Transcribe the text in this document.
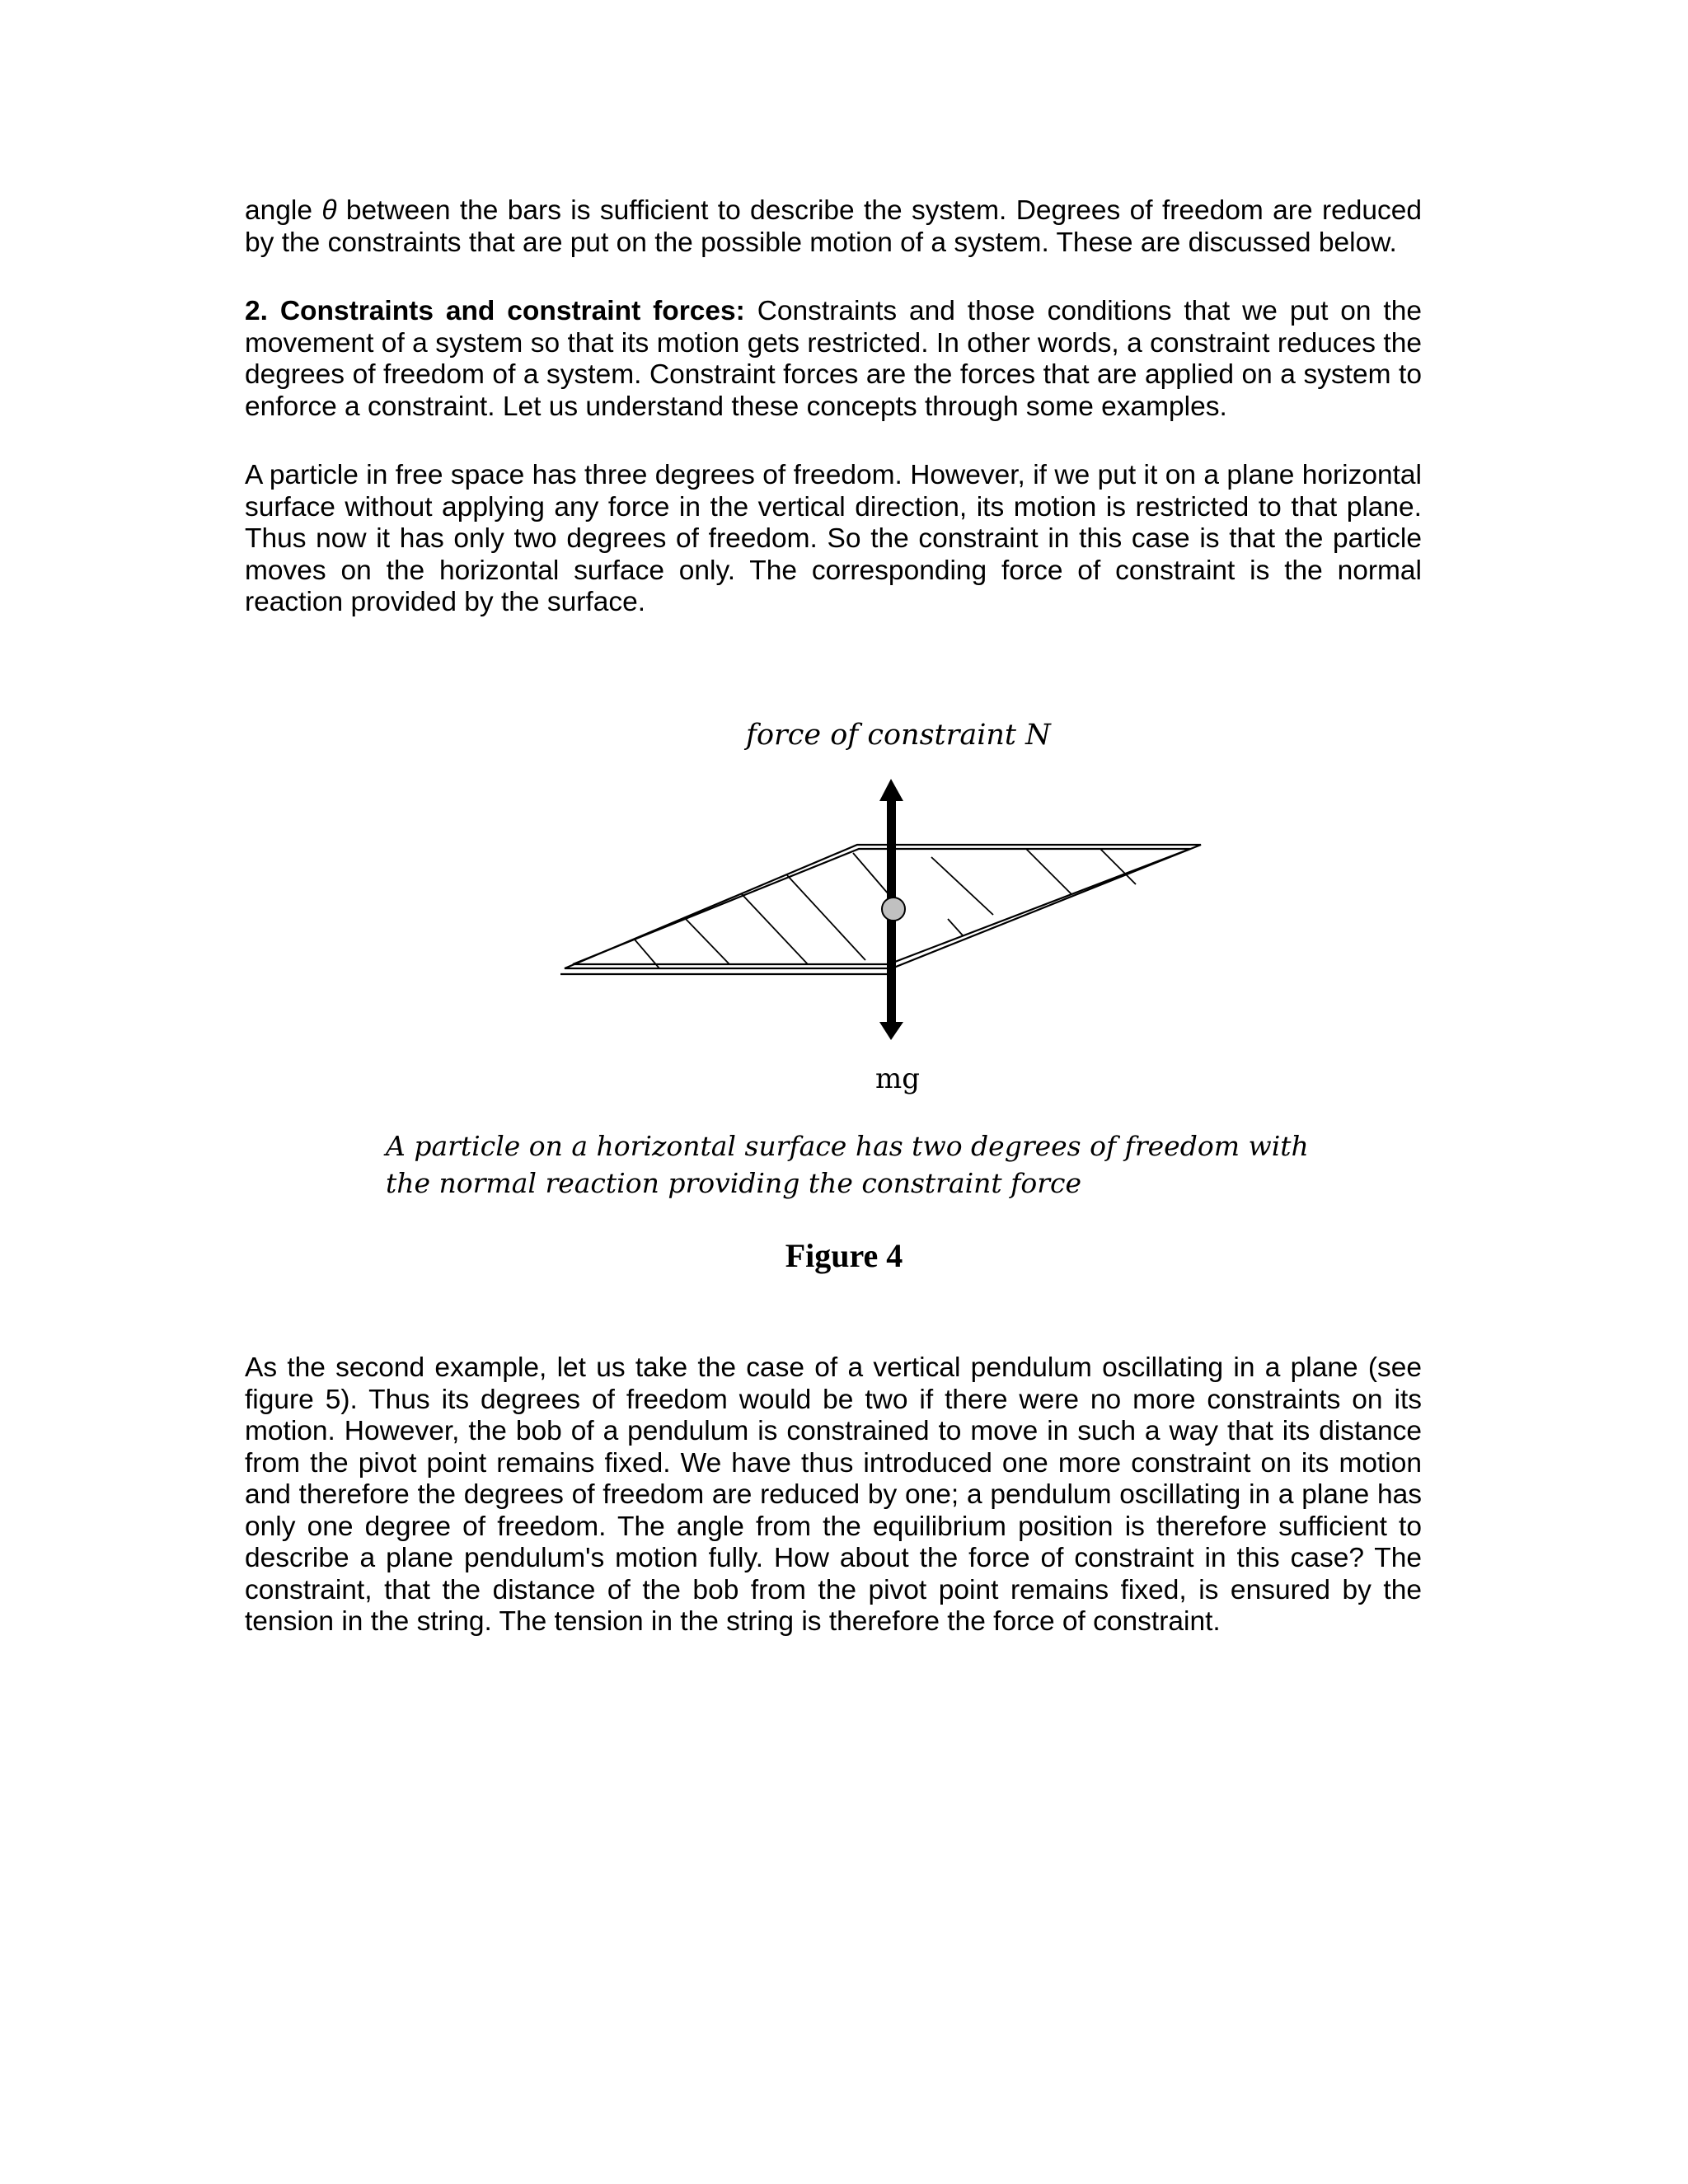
angle θ between the bars is sufficient to describe the system. Degrees of freedom are reduced by the constraints that are put on the possible motion of a system. These are discussed below.

2. Constraints and constraint forces: Constraints and those conditions that we put on the movement of a system so that its motion gets restricted. In other words, a constraint reduces the degrees of freedom of a system. Constraint forces are the forces that are applied on a system to enforce a constraint. Let us understand these concepts through some examples.

A particle in free space has three degrees of freedom. However, if we put it on a plane horizontal surface without applying any force in the vertical direction, its motion is restricted to that plane. Thus now it has only two degrees of freedom. So the constraint in this case is that the particle moves on the horizontal surface only. The corresponding force of constraint is the normal reaction provided by the surface.

force of constraint N
mg
A particle on a horizontal surface has two degrees of freedom with
the normal reaction providing the constraint force
Figure 4

As the second example, let us take the case of a vertical pendulum oscillating in a plane (see figure 5). Thus its degrees of freedom would be two if there were no more constraints on its motion. However, the bob of a pendulum is constrained to move in such a way that its distance from the pivot point remains fixed. We have thus introduced one more constraint on its motion and therefore the degrees of freedom are reduced by one; a pendulum oscillating in a plane has only one degree of freedom. The angle from the equilibrium position is therefore sufficient to describe a plane pendulum's motion fully. How about the force of constraint in this case? The constraint, that the distance of the bob from the pivot point remains fixed, is ensured by the tension in the string. The tension in the string is therefore the force of constraint.
